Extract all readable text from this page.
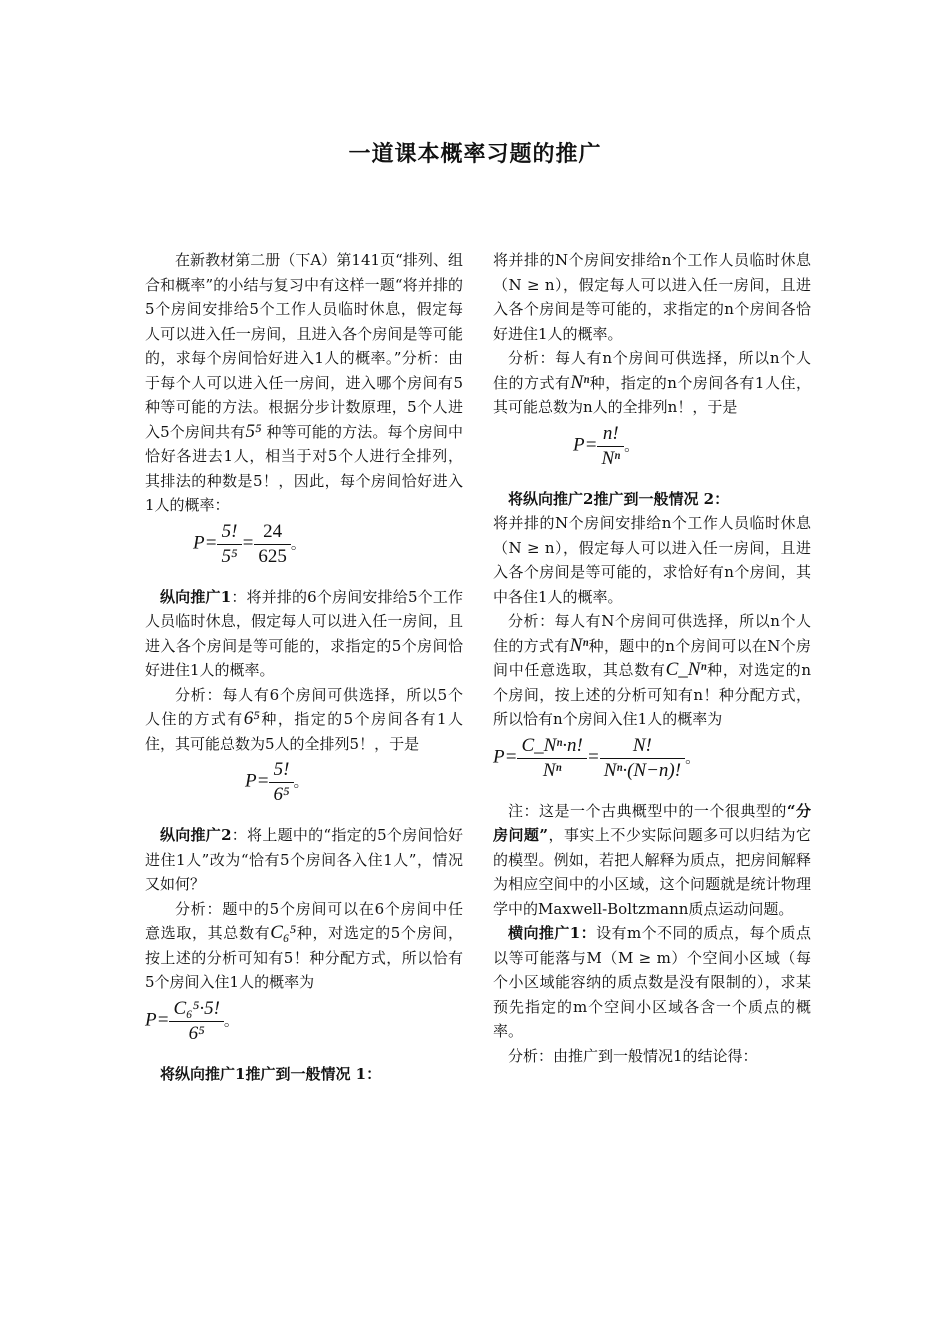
一道课本概率习题的推广

在新教材第二册（下A）第141页“排列、组合和概率”的小结与复习中有这样一题“将并排的5个房间安排给5个工作人员临时休息，假定每人可以进入任一房间，且进入各个房间是等可能的，求每个房间恰好进入1人的概率。”分析：由于每个人可以进入任一房间，进入哪个房间有5种等可能的方法。根据分步计数原理，5个人进入5个房间共有5⁵ 种等可能的方法。每个房间中恰好各进去1人，相当于对5个人进行全排列，其排法的种数是5！，因此，每个房间恰好进入1人的概率：

$P= \frac{5!}{\text{5⁵}} = \frac{24}{625}$ 。

纵向推广1：将并排的6个房间安排给5个工作人员临时休息，假定每人可以进入任一房间，且进入各个房间是等可能的，求指定的5个房间恰好进住1人的概率。

分析：每人有6个房间可供选择，所以5个人住的方式有6⁵种，指定的5个房间各有1人住，其可能总数为5人的全排列5！，于是

$P= \frac{5!}{\text{6⁵}}$ 。

纵向推广2：将上题中的“指定的5个房间恰好进住1人”改为“恰有5个房间各入住1人”，情况又如何？

分析：题中的5个房间可以在6个房间中任意选取，其总数有C₆⁵种，对选定的5个房间，按上述的分析可知有5！种分配方式，所以恰有5个房间入住1人的概率为

$P= \frac{\text{C₆⁵·5!}}{\text{6⁵}}$ 。

将纵向推广1推广到一般情况 1：

将并排的N个房间安排给n个工作人员临时休息（N ≥ n），假定每人可以进入任一房间，且进入各个房间是等可能的，求指定的n个房间各恰好进住1人的概率。

分析：每人有n个房间可供选择，所以n个人住的方式有Nⁿ种，指定的n个房间各有1人住，其可能总数为n人的全排列n！，于是

$P= \frac{n!}{\text{Nⁿ}}$ 。

将纵向推广2推广到一般情况 2：

将并排的N个房间安排给n个工作人员临时休息（N ≥ n），假定每人可以进入任一房间，且进入各个房间是等可能的，求恰好有n个房间，其中各住1人的概率。

分析：每人有N个房间可供选择，所以n个人住的方式有Nⁿ种，题中的n个房间可以在N个房间中任意选取，其总数有C_Nⁿ种，对选定的n个房间，按上述的分析可知有n！种分配方式，所以恰有n个房间入住1人的概率为

$P= \frac{\text{C\_Nⁿ·n!}}{\text{Nⁿ}} = \frac{N!}{\text{Nⁿ·(N−n)!}}$ 。

注：这是一个古典概型中的一个很典型的“分房问题”，事实上不少实际问题多可以归结为它的模型。例如，若把人解释为质点，把房间解释为相应空间中的小区域，这个问题就是统计物理学中的Maxwell-Boltzmann质点运动问题。

横向推广1：设有m个不同的质点，每个质点以等可能落与M（M ≥ m）个空间小区域（每个小区域能容纳的质点数是没有限制的），求某预先指定的m个空间小区域各含一个质点的概率。

分析：由推广到一般情况1的结论得：
